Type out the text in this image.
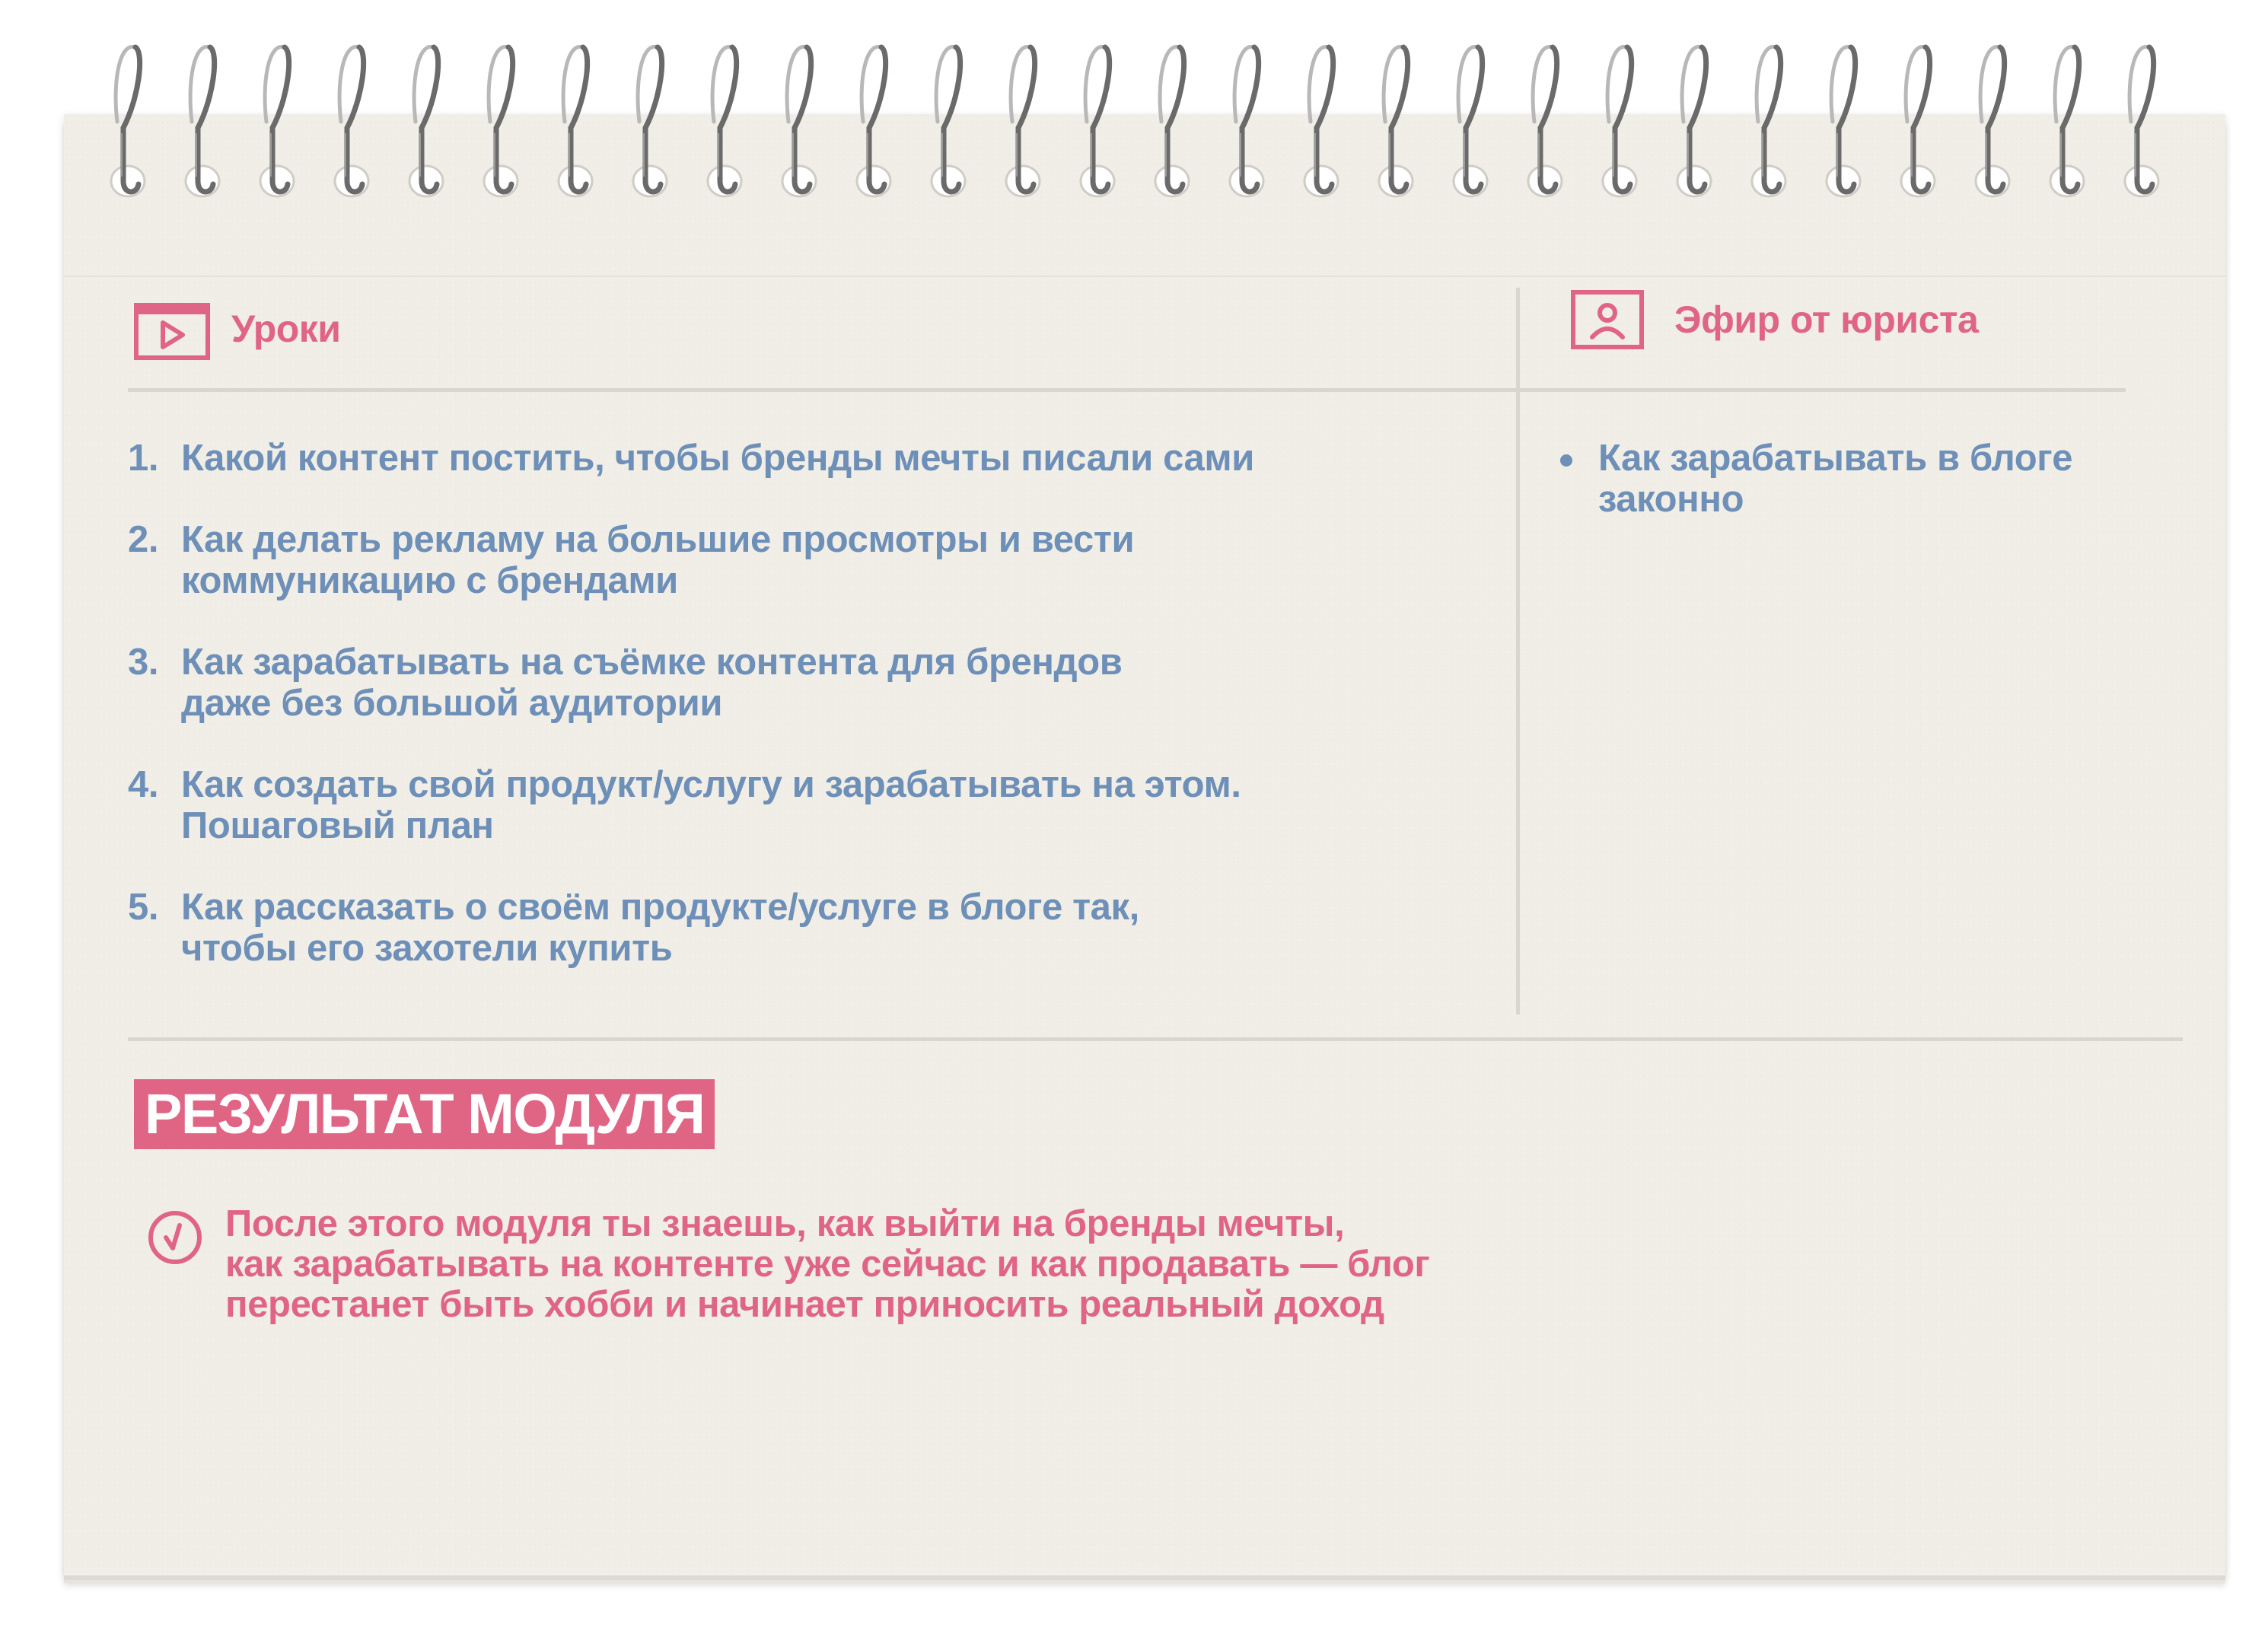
Уроки	Эфир от юриста
1. Какой контент постить, чтобы бренды мечты писали сами
2. Как делать рекламу на большие просмотры и вести
коммуникацию с брендами
3. Как зарабатывать на съёмке контента для брендов
даже без большой аудитории
4. Как создать свой продукт/услугу и зарабатывать на этом.
Пошаговый план
5. Как рассказать о своём продукте/услуге в блоге так,
чтобы его захотели купить
Как зарабатывать в блоге
законно
РЕЗУЛЬТАТ МОДУЛЯ
После этого модуля ты знаешь, как выйти на бренды мечты,
как зарабатывать на контенте уже сейчас и как продавать — блог
перестанет быть хобби и начинает приносить реальный доход
